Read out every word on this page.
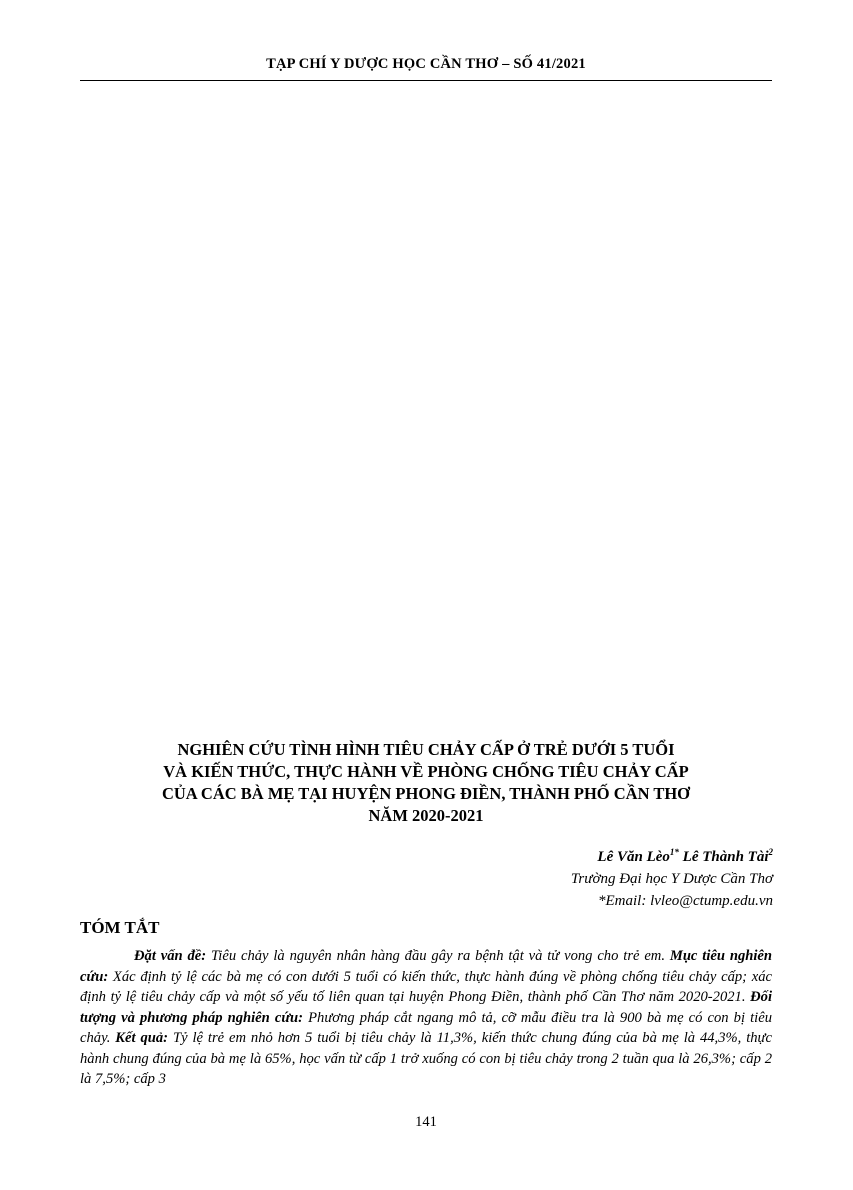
TẠP CHÍ Y DƯỢC HỌC CẦN THƠ – SỐ 41/2021
NGHIÊN CỨU TÌNH HÌNH TIÊU CHẢY CẤP Ở TRẺ DƯỚI 5 TUỔI
VÀ KIẾN THỨC, THỰC HÀNH VỀ PHÒNG CHỐNG TIÊU CHẢY CẤP
CỦA CÁC BÀ MẸ TẠI HUYỆN PHONG ĐIỀN, THÀNH PHỐ CẦN THƠ
NĂM 2020-2021
Lê Văn Lèo$^{1*}$ Lê Thành Tài$^2$
Trường Đại học Y Dược Cần Thơ
*Email: lvleo@ctump.edu.vn
TÓM TẮT

Đặt vấn đề: Tiêu chảy là nguyên nhân hàng đầu gây ra bệnh tật và tử vong cho trẻ em. Mục tiêu nghiên cứu: Xác định tỷ lệ các bà mẹ có con dưới 5 tuổi có kiến thức, thực hành đúng về phòng chống tiêu chảy cấp; xác định tỷ lệ tiêu chảy cấp và một số yếu tố liên quan tại huyện Phong Điền, thành phố Cần Thơ năm 2020-2021. Đối tượng và phương pháp nghiên cứu: Phương pháp cắt ngang mô tả, cỡ mẫu điều tra là 900 bà mẹ có con bị tiêu chảy. Kết quả: Tỷ lệ trẻ em nhỏ hơn 5 tuổi bị tiêu chảy là 11,3%, kiến thức chung đúng của bà mẹ là 44,3%, thực hành chung đúng của bà mẹ là 65%, học vấn từ cấp 1 trở xuống có con bị tiêu chảy trong 2 tuần qua là 26,3%; cấp 2 là 7,5%; cấp 3

141
